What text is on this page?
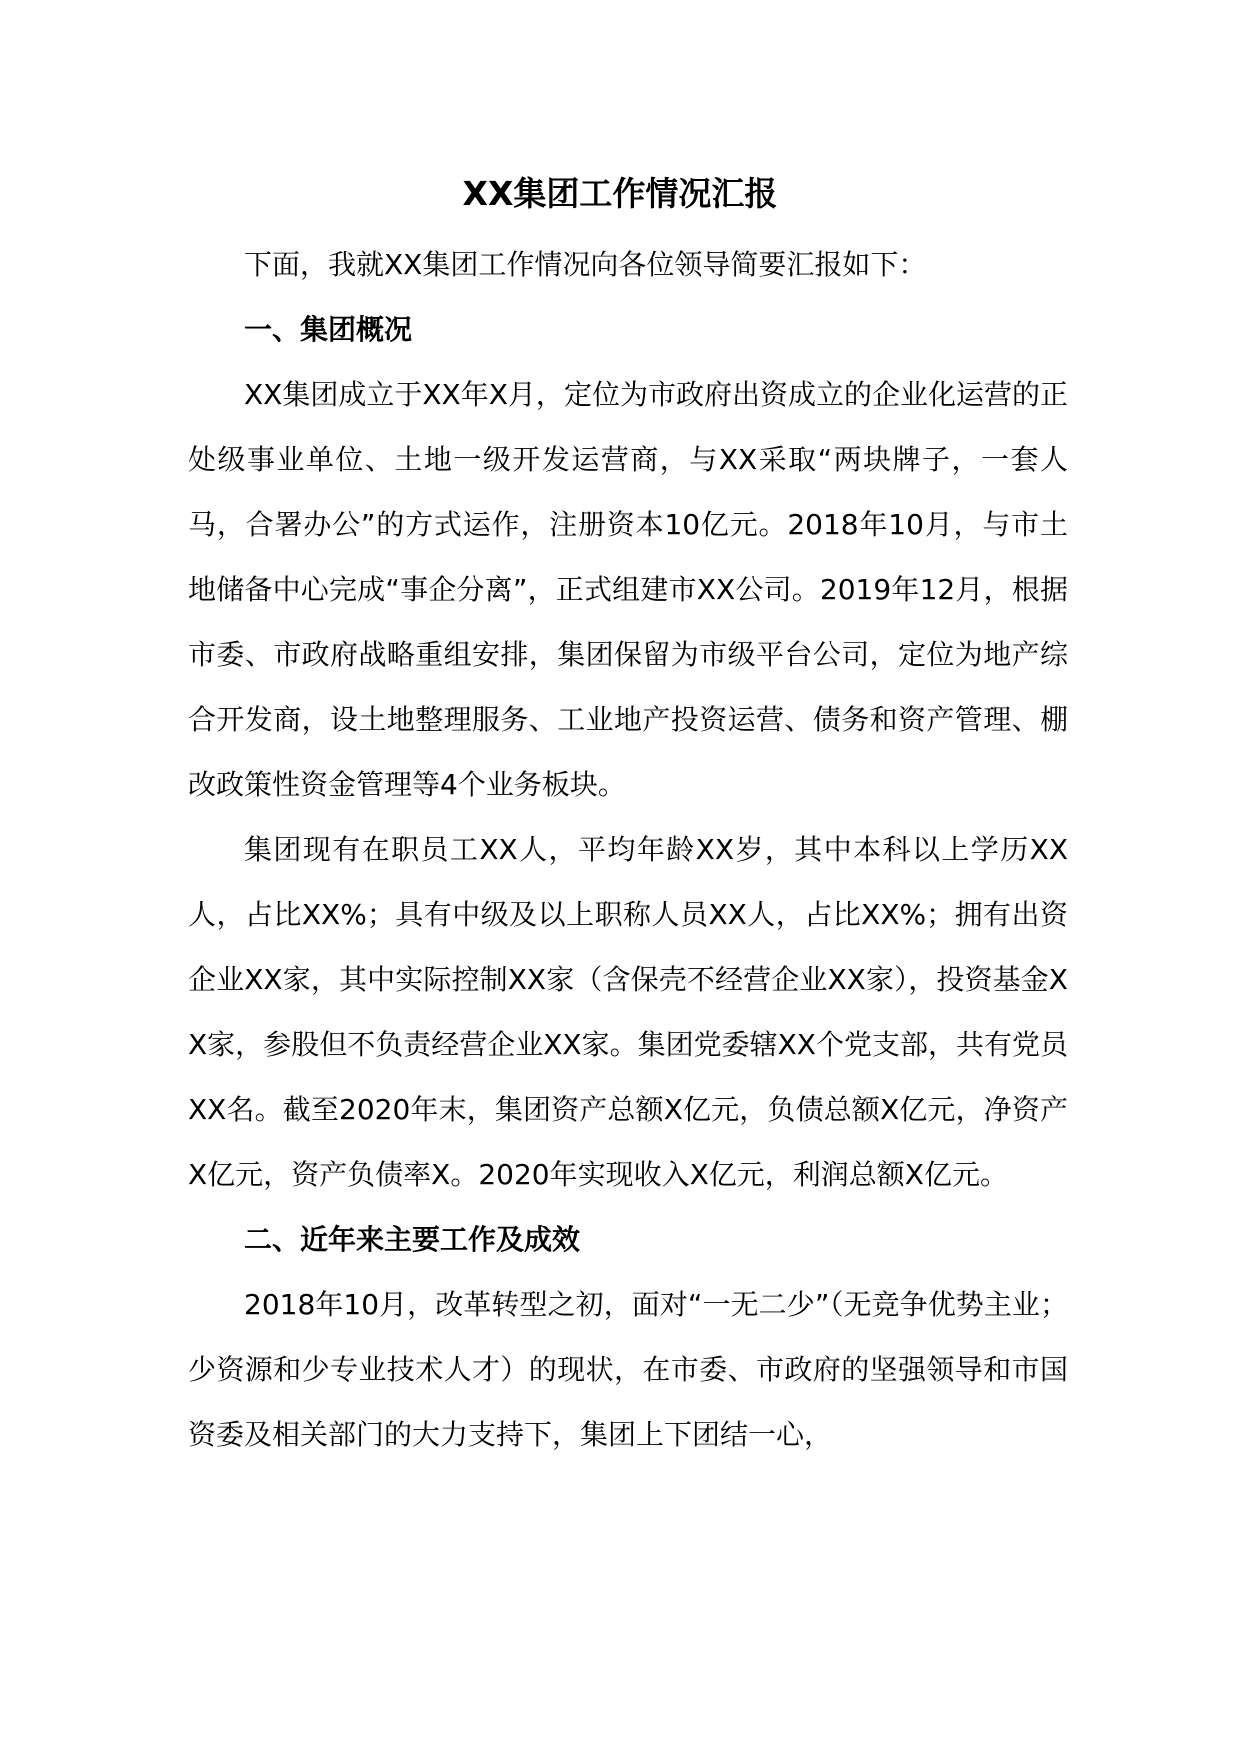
XX集团工作情况汇报

下面，我就XX集团工作情况向各位领导简要汇报如下：

一、集团概况

XX集团成立于XX年X月，定位为市政府出资成立的企业化运营的正处级事业单位、土地一级开发运营商，与XX采取“两块牌子，一套人马，合署办公”的方式运作，注册资本10亿元。2018年10月，与市土地储备中心完成“事企分离”，正式组建市XX公司。2019年12月，根据市委、市政府战略重组安排，集团保留为市级平台公司，定位为地产综合开发商，设土地整理服务、工业地产投资运营、债务和资产管理、棚改政策性资金管理等4个业务板块。

集团现有在职员工XX人，平均年龄XX岁，其中本科以上学历XX人，占比XX%；具有中级及以上职称人员XX人，占比XX%；拥有出资企业XX家，其中实际控制XX家（含保壳不经营企业XX家），投资基金XX家，参股但不负责经营企业XX家。集团党委辖XX个党支部，共有党员XX名。截至2020年末，集团资产总额X亿元，负债总额X亿元，净资产X亿元，资产负债率X。2020年实现收入X亿元，利润总额X亿元。

二、近年来主要工作及成效

2018年10月，改革转型之初，面对“一无二少”（无竞争优势主业；少资源和少专业技术人才）的现状，在市委、市政府的坚强领导和市国资委及相关部门的大力支持下，集团上下团结一心，
